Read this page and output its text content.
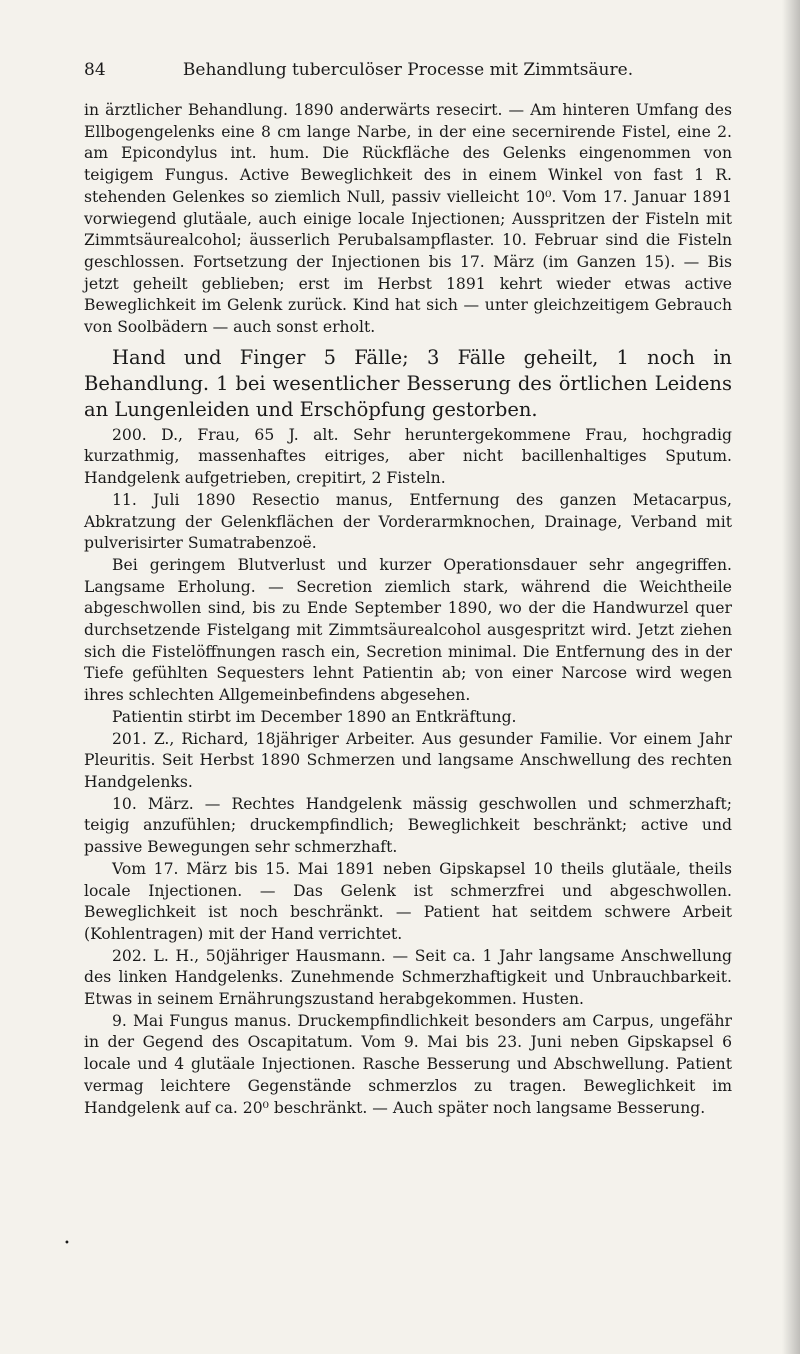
84	Behandlung tuberculöser Processe mit Zimmtsäure.

in ärztlicher Behandlung. 1890 anderwärts resecirt. — Am hinteren Umfang des Ellbogengelenks eine 8 cm lange Narbe, in der eine secernirende Fistel, eine 2. am Epicondylus int. hum. Die Rückfläche des Gelenks eingenommen von teigigem Fungus. Active Beweglichkeit des in einem Winkel von fast 1 R. stehenden Gelenkes so ziemlich Null, passiv vielleicht 10⁰. Vom 17. Januar 1891 vorwiegend glutäale, auch einige locale Injectionen; Ausspritzen der Fisteln mit Zimmtsäurealcohol; äusserlich Perubalsampflaster. 10. Februar sind die Fisteln geschlossen. Fortsetzung der Injectionen bis 17. März (im Ganzen 15). — Bis jetzt geheilt geblieben; erst im Herbst 1891 kehrt wieder etwas active Beweglichkeit im Gelenk zurück. Kind hat sich — unter gleichzeitigem Gebrauch von Soolbädern — auch sonst erholt.

Hand und Finger 5 Fälle; 3 Fälle geheilt, 1 noch in Behandlung. 1 bei wesentlicher Besserung des örtlichen Leidens an Lungenleiden und Erschöpfung gestorben.

200. D., Frau, 65 J. alt. Sehr heruntergekommene Frau, hochgradig kurzathmig, massenhaftes eitriges, aber nicht bacillenhaltiges Sputum. Handgelenk aufgetrieben, crepitirt, 2 Fisteln.

11. Juli 1890 Resectio manus, Entfernung des ganzen Metacarpus, Abkratzung der Gelenkflächen der Vorderarmknochen, Drainage, Verband mit pulverisirter Sumatrabenzoë.

Bei geringem Blutverlust und kurzer Operationsdauer sehr angegriffen. Langsame Erholung. — Secretion ziemlich stark, während die Weichtheile abgeschwollen sind, bis zu Ende September 1890, wo der die Handwurzel quer durchsetzende Fistelgang mit Zimmtsäurealcohol ausgespritzt wird. Jetzt ziehen sich die Fistelöffnungen rasch ein, Secretion minimal. Die Entfernung des in der Tiefe gefühlten Sequesters lehnt Patientin ab; von einer Narcose wird wegen ihres schlechten Allgemeinbefindens abgesehen.

Patientin stirbt im December 1890 an Entkräftung.

201. Z., Richard, 18jähriger Arbeiter. Aus gesunder Familie. Vor einem Jahr Pleuritis. Seit Herbst 1890 Schmerzen und langsame Anschwellung des rechten Handgelenks.

10. März. — Rechtes Handgelenk mässig geschwollen und schmerzhaft; teigig anzufühlen; druckempfindlich; Beweglichkeit beschränkt; active und passive Bewegungen sehr schmerzhaft.

Vom 17. März bis 15. Mai 1891 neben Gipskapsel 10 theils glutäale, theils locale Injectionen. — Das Gelenk ist schmerzfrei und abgeschwollen. Beweglichkeit ist noch beschränkt. — Patient hat seitdem schwere Arbeit (Kohlentragen) mit der Hand verrichtet.

202. L. H., 50jähriger Hausmann. — Seit ca. 1 Jahr langsame Anschwellung des linken Handgelenks. Zunehmende Schmerzhaftigkeit und Unbrauchbarkeit. Etwas in seinem Ernährungszustand herabgekommen. Husten.

9. Mai Fungus manus. Druckempfindlichkeit besonders am Carpus, ungefähr in der Gegend des Oscapitatum. Vom 9. Mai bis 23. Juni neben Gipskapsel 6 locale und 4 glutäale Injectionen. Rasche Besserung und Abschwellung. Patient vermag leichtere Gegenstände schmerzlos zu tragen. Beweglichkeit im Handgelenk auf ca. 20⁰ beschränkt. — Auch später noch langsame Besserung.

•
